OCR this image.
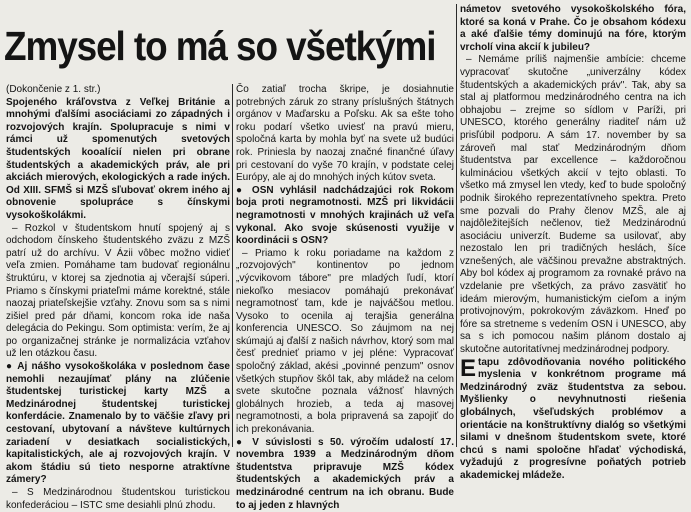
Zmysel to má so všetkými

(Dokončenie z 1. str.)

Spojeného kráľovstva z Veľkej Británie a mnohými ďalšími asociáciami zo západných i rozvojových krajín. Spolupracuje s nimi v rámci už spomenutých svetových študentských kooalícií nielen pri obrane študentských a akademických práv, ale pri akciách mierových, ekologických a rade iných. Od XIII. SFMŠ si MZŠ sľubovať okrem iného aj obnovenie spolupráce s čínskymi vysokoškolákmi.

– Rozkol v študentskom hnutí spojený aj s odchodom čínskeho študentského zväzu z MZŠ patrí už do archívu. V Ázii vôbec možno vidieť veľa zmien. Pomáhame tam budovať regionálnu štruktúru, v ktorej sa zjednotia aj včerajší súperi. Priamo s čínskymi priateľmi máme korektné, stále naozaj priateľskejšie vzťahy. Znovu som sa s nimi zišiel pred pár dňami, koncom roka ide naša delegácia do Pekingu. Som optimista: verím, že aj po organizačnej stránke je normalizácia vzťahov už len otázkou času.

● Aj nášho vysokoškoláka v poslednom čase nemohli nezaujímať plány na zlúčenie študentskej turistickej karty MZŠ a Medzinárodnej študentskej turistickej konferdácie. Znamenalo by to väčšie zľavy pri cestovaní, ubytovaní a návšteve kultúrnych zariadení v desiatkach socialistických, kapitalistických, ale aj rozvojových krajín. V akom štádiu sú tieto nesporne atraktívne zámery?

– S Medzinárodnou študentskou turistickou konfederáciou – ISTC sme desiahli plnú zhodu.

Čo zatiaľ trocha škripe, je dosiahnutie potrebných záruk zo strany príslušných štátnych orgánov v Maďarsku a Poľsku. Ak sa ešte toho roku podarí všetko uviesť na pravú mieru, spoločná karta by mohla byť na svete už budúci rok. Priniesla by naozaj značné finančné úľavy pri cestovaní do vyše 70 krajín, v podstate celej Európy, ale aj do mnohých iných kútov sveta.

● OSN vyhlásil nadchádzajúci rok Rokom boja proti negramotnosti. MZŠ pri likvidácii negramotnosti v mnohých krajinách už veľa vykonal. Ako svoje skúsenosti využije v koordinácii s OSN?

– Priamo k roku poriadame na každom z „rozvojových" kontinentov po jednom „výcvikovom tábore" pre mladých ľudí, ktorí niekoľko mesiacov pomáhajú prekonávať negramotnosť tam, kde je najváčšou metlou. Vysoko to ocenila aj terajšia generálna konferencia UNESCO. So záujmom na nej skúmajú aj ďalší z našich návrhov, ktorý som mal česť prednieť priamo v jej pléne: Vypracovať spoločný základ, akési „povinné penzum" osnov všetkých stupňov škôl tak, aby mládež na celom svete skutočne poznala vážnosť hlavných globálnych hrozieb, a teda aj masovej negramotnosti, a bola pripravená sa zapojiť do ich prekonávania.

● V súvislosti s 50. výročím udalostí 17. novembra 1939 a Medzinárodným dňom študentstva pripravuje MZŠ kódex študentských a akademických práv a medzinárodné centrum na ich obranu. Bude to aj jeden z hlavných

námetov svetového vysokoškolského fóra, ktoré sa koná v Prahe. Čo je obsahom kódexu a aké ďalšie témy dominujú na fóre, ktorým vrcholí vina akcií k jubileu?

– Nemáme príliš najmenšie ambície: chceme vypracovať skutočne „univerzálny kódex študentských a akademických práv". Tak, aby sa stal aj platformou medzinárodného centra na ich obhajobu – zrejme so sídlom v Paríži, pri UNESCO, ktorého generálny riaditeľ nám už prisľúbil podporu. A sám 17. november by sa zároveň mal stať Medzinárodným dňom študentstva par excellence – každoročnou kulmináciou všetkých akcií v tejto oblasti. To všetko má zmysel len vtedy, keď to bude spoločný podnik širokého reprezentatívneho spektra. Preto sme pozvali do Prahy členov MZŠ, ale aj najdôležitejších nečlenov, tiež Medzinárodnú asociáciu univerzít. Budeme sa usilovať, aby nezostalo len pri tradičných heslách, šíce vznešených, ale väčšinou prevažne abstraktných. Aby bol kódex aj programom za rovnaké právo na vzdelanie pre všetkých, za právo zasvätiť ho ideám mierovým, humanistickým cieľom a iným protivojnovým, pokrokovým záväzkom. Hneď po fóre sa stretneme s vedením OSN i UNESCO, aby sa s ich pomocou našim plánom dostalo aj skutočne autoritatívnej medzinárodnej podpory.

Etapu zdôvodňovania nového politického myslenia v konkrétnom programe má Medzinárodný zväz študentstva za sebou. Myšlienky o nevyhnutnosti riešenia globálnych, všeľudských problémov a orientácie na konštruktívny dialóg so všetkými silami v dnešnom študentskom svete, ktoré chcú s nami spoločne hľadať východiská, vyžadujú z progresívne poňatých potrieb akademickej mládeže.
